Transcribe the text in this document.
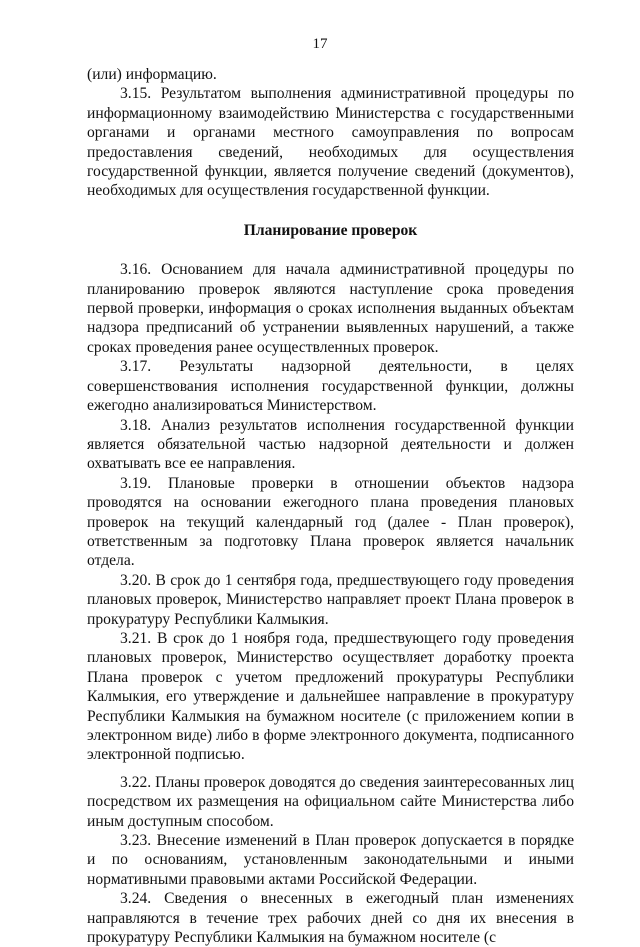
17

(или) информацию.

3.15. Результатом выполнения административной процедуры по информационному взаимодействию Министерства с государственными органами и органами местного самоуправления по вопросам предоставления сведений, необходимых для осуществления государственной функции, является получение сведений (документов), необходимых для осуществления государственной функции.

Планирование проверок

3.16. Основанием для начала административной процедуры по планированию проверок являются наступление срока проведения первой проверки, информация о сроках исполнения выданных объектам надзора предписаний об устранении выявленных нарушений, а также сроках проведения ранее осуществленных проверок.

3.17. Результаты надзорной деятельности, в целях совершенствования исполнения государственной функции, должны ежегодно анализироваться Министерством.

3.18. Анализ результатов исполнения государственной функции является обязательной частью надзорной деятельности и должен охватывать все ее направления.

3.19. Плановые проверки в отношении объектов надзора проводятся на основании ежегодного плана проведения плановых проверок на текущий календарный год (далее - План проверок), ответственным за подготовку Плана проверок является начальник отдела.

3.20. В срок до 1 сентября года, предшествующего году проведения плановых проверок, Министерство направляет проект Плана проверок в прокуратуру Республики Калмыкия.

3.21. В срок до 1 ноября года, предшествующего году проведения плановых проверок, Министерство осуществляет доработку проекта Плана проверок с учетом предложений прокуратуры Республики Калмыкия, его утверждение и дальнейшее направление в прокуратуру Республики Калмыкия на бумажном носителе (с приложением копии в электронном виде) либо в форме электронного документа, подписанного электронной подписью.

3.22. Планы проверок доводятся до сведения заинтересованных лиц посредством их размещения на официальном сайте Министерства либо иным доступным способом.

3.23. Внесение изменений в План проверок допускается в порядке и по основаниям, установленным законодательными и иными нормативными правовыми актами Российской Федерации.

3.24. Сведения о внесенных в ежегодный план изменениях направляются в течение трех рабочих дней со дня их внесения в прокуратуру Республики Калмыкия на бумажном носителе (с
